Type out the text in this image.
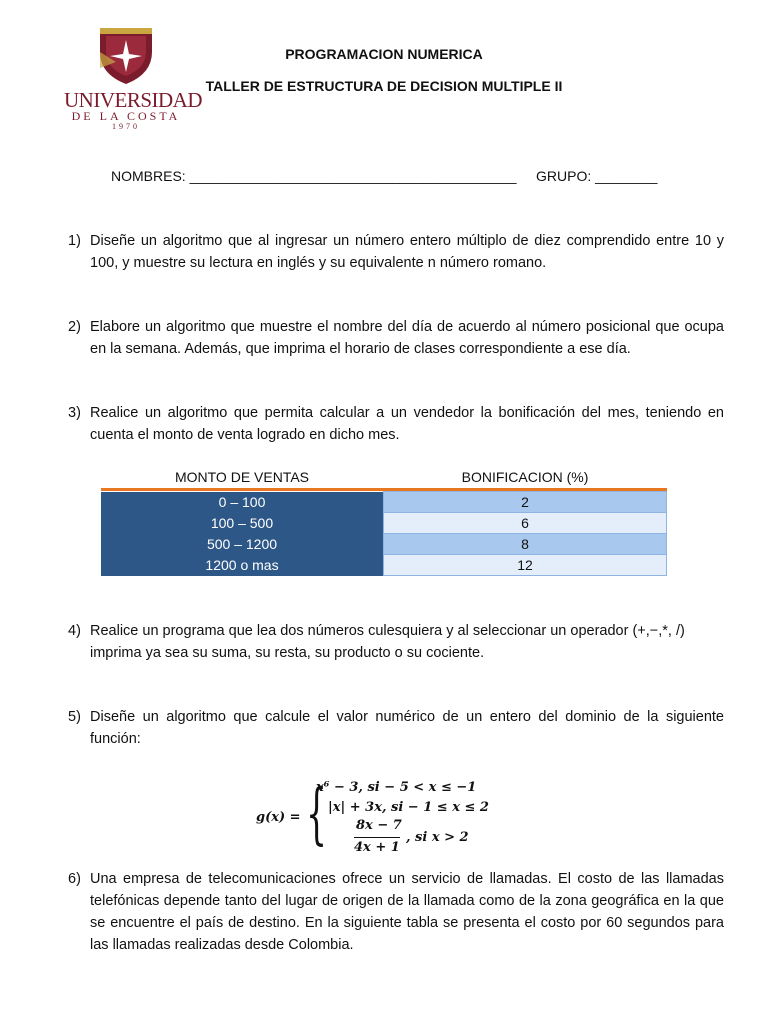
UNIVERSIDAD
DE LA COSTA
1970
PROGRAMACION NUMERICA
TALLER DE ESTRUCTURA DE DECISION MULTIPLE II
NOMBRES: __________________________________________ GRUPO: ________
1) Diseñe un algoritmo que al ingresar un número entero múltiplo de diez comprendido entre 10 y 100, y muestre su lectura en inglés y su equivalente n número romano.
2) Elabore un algoritmo que muestre el nombre del día de acuerdo al número posicional que ocupa en la semana. Además, que imprima el horario de clases correspondiente a ese día.
3) Realice un algoritmo que permita calcular a un vendedor la bonificación del mes, teniendo en cuenta el monto de venta logrado en dicho mes.
MONTO DE VENTAS	BONIFICACION (%)
0 – 100	2
100 – 500	6
500 – 1200	8
1200 o mas	12
4) Realice un programa que lea dos números culesquiera y al seleccionar un operador (+,−,*, /) imprima ya sea su suma, su resta, su producto o su cociente.
5) Diseñe un algoritmo que calcule el valor numérico de un entero del dominio de la siguiente función:
g(x) = {
x⁶ − 3, si − 5 < x ≤ −1
|x| + 3x, si − 1 ≤ x ≤ 2
8x − 7
4x + 1
, si x > 2
6) Una empresa de telecomunicaciones ofrece un servicio de llamadas. El costo de las llamadas telefónicas depende tanto del lugar de origen de la llamada como de la zona geográfica en la que se encuentre el país de destino. En la siguiente tabla se presenta el costo por 60 segundos para las llamadas realizadas desde Colombia.
